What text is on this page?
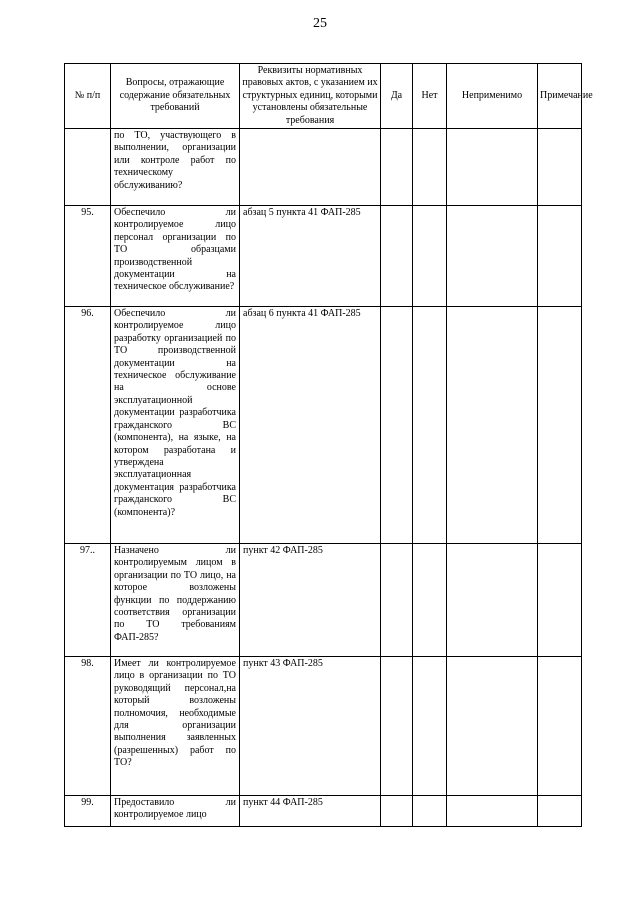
25
№ п/п	Вопросы, отражающие содержание обязательных требований	Реквизиты нормативных правовых актов, с указанием их структурных единиц, которыми установлены обязательные требования	Да	Нет	Неприменимо	Примечание
	по ТО, участвующего в выполнении, организации или контроле работ по техническому обслуживанию?					
95.	Обеспечило ли контролируемое лицо персонал организации по ТО образцами производственной документации на техническое обслуживание?	абзац 5 пункта 41 ФАП-285				
96.	Обеспечило ли контролируемое лицо разработку организацией по ТО производственной документации на техническое обслуживание на основе эксплуатационной документации разработчика гражданского ВС (компонента), на языке, на котором разработана и утверждена эксплуатационная документация разработчика гражданского ВС (компонента)?	абзац 6 пункта 41 ФАП-285				
97..	Назначено ли контролируемым лицом в организации по ТО лицо, на которое возложены функции по поддержанию соответствия организации по ТО требованиям ФАП-285?	пункт 42 ФАП-285				
98.	Имеет ли контролируемое лицо в организации по ТО руководящий персонал,на который возложены полномочия, необходимые для организации выполнения заявленных (разрешенных) работ по ТО?	пункт 43 ФАП-285				
99.	Предоставило ли контролируемое лицо	пункт 44 ФАП-285				
